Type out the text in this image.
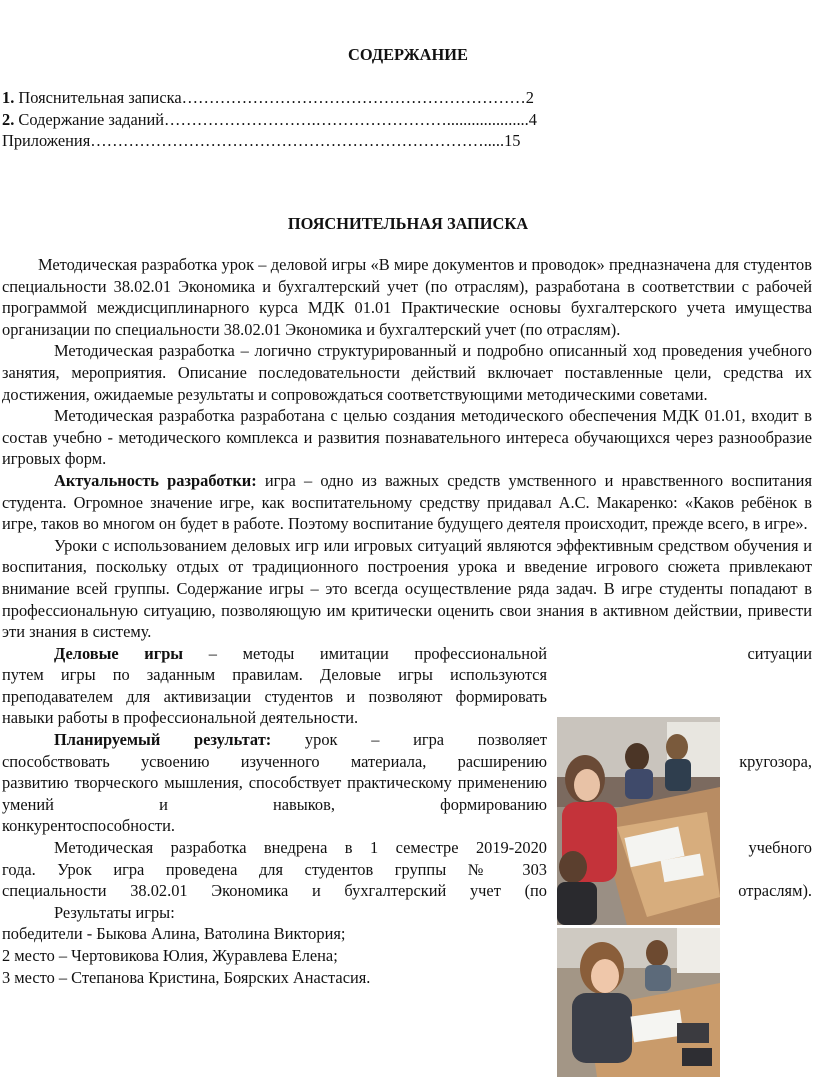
СОДЕРЖАНИЕ
1. Пояснительная записка………………………………………………………2
2. Содержание заданий……………………….……………………....................4
Приложения……………………………………………………………….....15
ПОЯСНИТЕЛЬНАЯ ЗАПИСКА

Методическая разработка урок – деловой игры «В мире документов и проводок» предназначена для студентов специальности 38.02.01 Экономика и бухгалтерский учет (по отраслям), разработана в соответствии с рабочей программой междисциплинарного курса МДК 01.01 Практические основы бухгалтерского учета имущества организации по специальности 38.02.01 Экономика и бухгалтерский учет (по отраслям).

Методическая разработка – логично структурированный и подробно описанный ход проведения учебного занятия, мероприятия. Описание последовательности действий включает поставленные цели, средства их достижения, ожидаемые результаты и сопровождаться соответствующими методическими советами.

Методическая разработка разработана с целью создания методического обеспечения МДК 01.01, входит в состав учебно - методического комплекса и развития познавательного интереса обучающихся через разнообразие игровых форм.

Актуальность разработки: игра – одно из важных средств умственного и нравственного воспитания студента. Огромное значение игре, как воспитательному средству придавал А.С. Макаренко: «Каков ребёнок в игре, таков во многом он будет в работе. Поэтому воспитание будущего деятеля происходит, прежде всего, в игре».

Уроки с использованием деловых игр или игровых ситуаций являются эффективным средством обучения и воспитания, поскольку отдых от традиционного построения урока и введение игрового сюжета привлекают внимание всей группы. Содержание игры – это всегда осуществление ряда задач. В игре студенты попадают в профессиональную ситуацию, позволяющую им критически оценить свои знания в активном действии, привести эти знания в систему.

Деловые игры – методы имитации профессиональной	ситуации

путем игры по заданным правилам. Деловые игры используются преподавателем для активизации студентов и позволяют формировать навыки работы в профессиональной деятельности.

Планируемый результат: урок – игра позволяет
способствовать усвоению изученного материала, расширению	кругозора,

развитию творческого мышления, способствует практическому применению умений и навыков, формированию

конкурентоспособности.

Методическая разработка внедрена в 1 семестре 2019-2020	учебного
года. Урок игра проведена для студентов группы № 303
специальности 38.02.01 Экономика и бухгалтерский учет (по	отраслям).

Результаты игры:

победители - Быкова Алина, Ватолина Виктория;

2 место – Чертовикова Юлия, Журавлева Елена;

3 место – Степанова Кристина, Боярских Анастасия.
